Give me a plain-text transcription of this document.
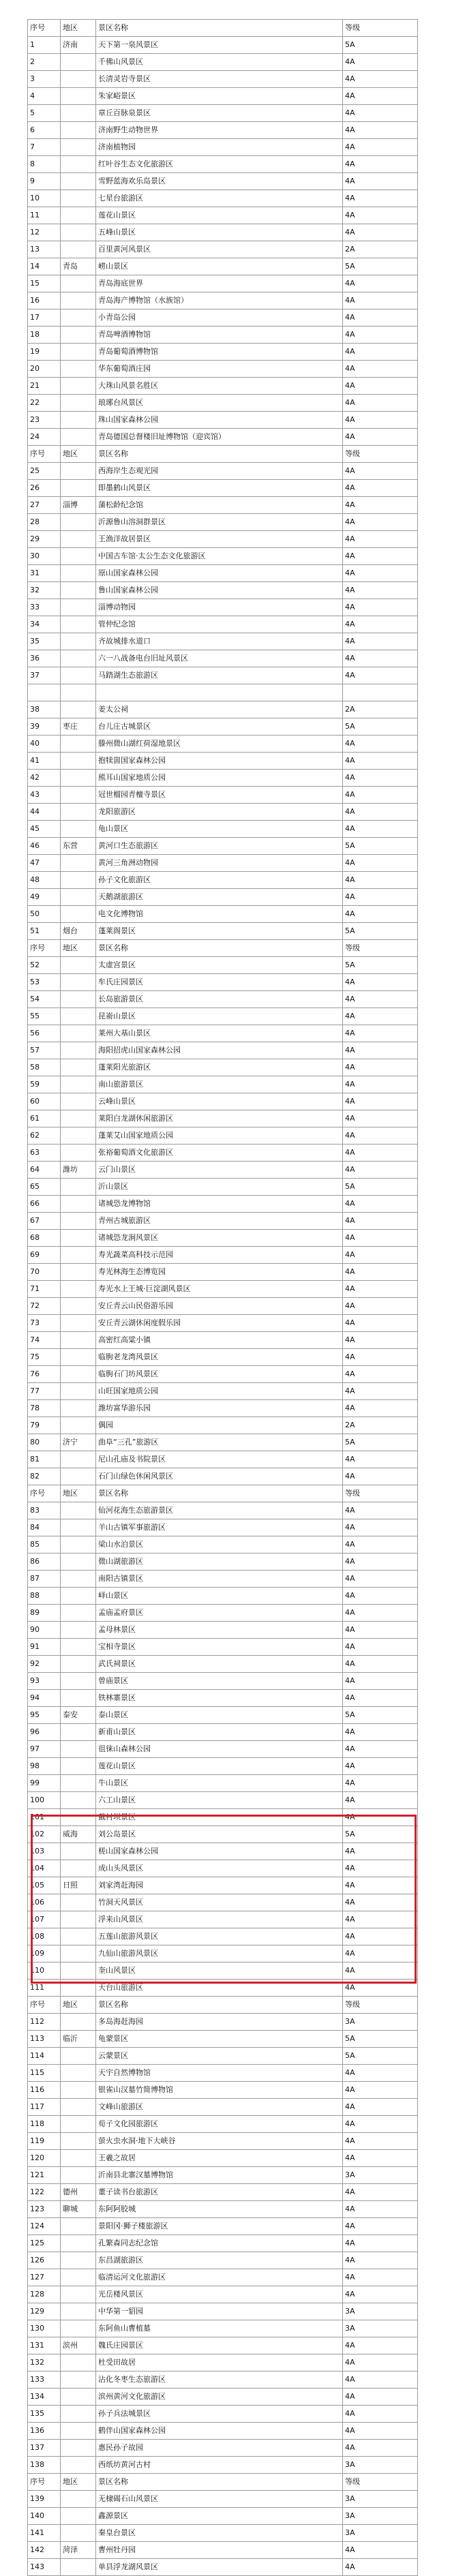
序号	地区	景区名称	等级
1	济南	天下第一泉风景区	5A
2		千佛山风景区	4A
3		长清灵岩寺景区	4A
4		朱家峪景区	4A
5		章丘百脉泉景区	4A
6		济南野生动物世界	4A
7		济南植物园	4A
8		红叶谷生态文化旅游区	4A
9		雪野蓝海欢乐岛景区	4A
10		七星台旅游区	4A
11		莲花山景区	4A
12		五峰山景区	4A
13		百里黄河风景区	2A
14	青岛	崂山景区	5A
15		青岛海底世界	4A
16		青岛海产博物馆（水族馆）	4A
17		小青岛公园	4A
18		青岛啤酒博物馆	4A
19		青岛葡萄酒博物馆	4A
20		华东葡萄酒庄园	4A
21		大珠山风景名胜区	4A
22		琅琊台风景区	4A
23		珠山国家森林公园	4A
24		青岛德国总督楼旧址博物馆（迎宾馆）	4A
序号	地区	景区名称	等级
25		西海岸生态观光园	4A
26		即墨鹤山风景区	4A
27	淄博	蒲松龄纪念馆	4A
28		沂源鲁山溶洞群景区	4A
29		王渔洋故居景区	4A
30		中国古车馆·太公生态文化旅游区	4A
31		原山国家森林公园	4A
32		鲁山国家森林公园	4A
33		淄博动物园	4A
34		管仲纪念馆	4A
35		齐故城排水道口	4A
36		六一八战备电台旧址风景区	4A
37		马踏湖生态旅游区	4A

38		姜太公祠	2A
39	枣庄	台儿庄古城景区	5A
40		滕州微山湖红荷湿地景区	4A
41		抱犊崮国家森林公园	4A
42		熊耳山国家地质公园	4A
43		冠世榴园青檀寺景区	4A
44		龙阳旅游区	4A
45		龟山景区	4A
46	东营	黄河口生态旅游区	5A
47		黄河三角洲动物园	4A
48		孙子文化旅游区	4A
49		天鹅湖旅游区	4A
50		电文化博物馆	4A
51	烟台	蓬莱阁景区	5A
序号	地区	景区名称	等级
52		太虚宫景区	5A
53		牟氏庄园景区	4A
54		长岛旅游景区	4A
55		昆嵛山景区	4A
56		莱州大基山景区	4A
57		海阳招虎山国家森林公园	4A
58		蓬莱阳光旅游区	4A
59		南山旅游景区	4A
60		云峰山景区	4A
61		莱阳白龙湖休闲旅游区	4A
62		蓬莱艾山国家地质公园	4A
63		张裕葡萄酒文化旅游区	4A
64	潍坊	云门山景区	4A
65		沂山景区	5A
66		诸城恐龙博物馆	4A
67		青州古城旅游区	4A
68		诸城恐龙涧风景区	4A
69		寿光蔬菜高科技示范园	4A
70		寿光林海生态博览园	4A
71		寿光水上王城·巨淀湖风景区	4A
72		安丘青云山民俗游乐园	4A
73		安丘青云湖休闲度假乐园	4A
74		高密红高粱小镇	4A
75		临朐老龙湾风景区	4A
76		临朐石门坊风景区	4A
77		山旺国家地质公园	4A
78		潍坊富华游乐园	4A
79		偶园	2A
80	济宁	曲阜“三孔”旅游区	5A
81		尼山孔庙及书院景区	4A
82		石门山绿色休闲风景区	4A
序号	地区	景区名称	等级
83		仙河花海生态旅游景区	4A
84		羊山古镇军事旅游区	4A
85		梁山水泊景区	4A
86		微山湖旅游区	4A
87		南阳古镇景区	4A
88		峄山景区	4A
89		孟庙孟府景区	4A
90		孟母林景区	4A
91		宝相寺景区	4A
92		武氏祠景区	4A
93		曾庙景区	4A
94		铁林寨景区	4A
95	泰安	泰山景区	5A
96		新甫山景区	4A
97		徂徕山森林公园	4A
98		莲花山景区	4A
99		牛山景区	4A
100		六工山景区	4A
101		戴村坝景区	4A
102	威海	刘公岛景区	5A
103		槎山国家森林公园	4A
104		成山头风景区	4A
105	日照	刘家湾赶海园	4A
106		竹洞天风景区	4A
107		浮来山风景区	4A
108		五莲山旅游风景区	4A
109		九仙山旅游风景区	4A
110		奎山风景区	4A
111		天台山旅游区	4A
序号	地区	景区名称	等级
112		多岛海赶海园	3A
113	临沂	龟蒙景区	5A
114		云蒙景区	5A
115		天宇自然博物馆	4A
116		银雀山汉墓竹简博物馆	4A
117		文峰山旅游区	4A
118		荀子文化园旅游区	4A
119		萤火虫水洞·地下大峡谷	4A
120		王羲之故居	4A
121		沂南县北寨汉墓博物馆	3A
122	德州	董子读书台旅游区	4A
123	聊城	东阿阿胶城	4A
124		景阳冈·狮子楼旅游区	4A
125		孔繁森同志纪念馆	4A
126		东昌湖旅游区	4A
127		临清运河文化旅游区	4A
128		光岳楼风景区	4A
129		中华第一貂园	3A
130		东阿鱼山曹植墓	3A
131	滨州	魏氏庄园景区	4A
132		杜受田故居	4A
133		沾化冬枣生态旅游区	4A
134		滨州黄河文化旅游区	4A
135		孙子兵法城景区	4A
136		鹤伴山国家森林公园	4A
137		惠民孙子故园	4A
138		西纸坊黄河古村	3A
序号	地区	景区名称	等级
139		无棣碣石山风景区	3A
140		鑫源景区	3A
141		秦皇台景区	3A
142	菏泽	曹州牡丹园	4A
143		单县浮龙湖风景区	4A
